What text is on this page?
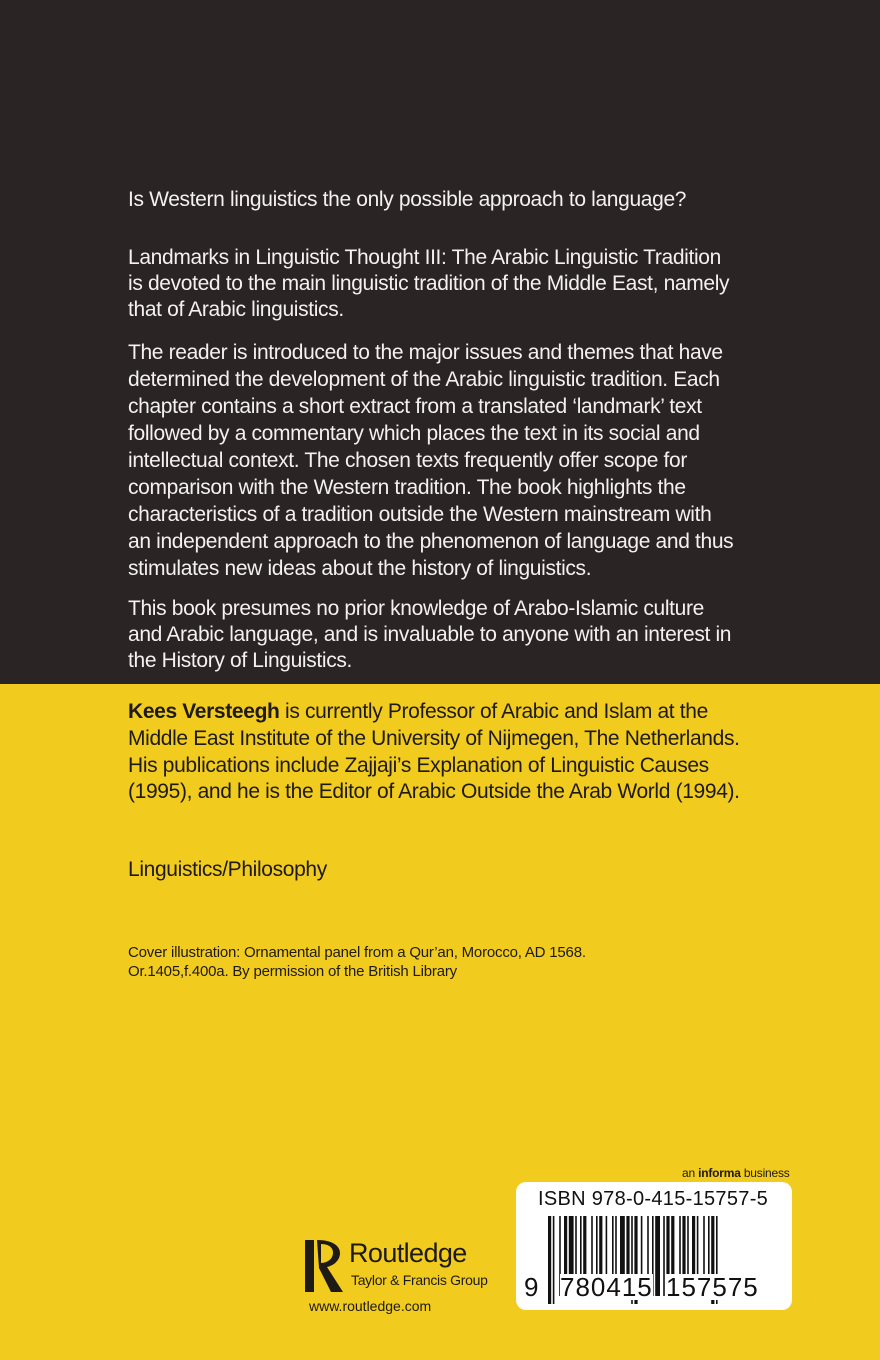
Is Western linguistics the only possible approach to language?
Landmarks in Linguistic Thought III: The Arabic Linguistic Tradition
is devoted to the main linguistic tradition of the Middle East, namely
that of Arabic linguistics.
The reader is introduced to the major issues and themes that have
determined the development of the Arabic linguistic tradition. Each
chapter contains a short extract from a translated ‘landmark’ text
followed by a commentary which places the text in its social and
intellectual context. The chosen texts frequently offer scope for
comparison with the Western tradition. The book highlights the
characteristics of a tradition outside the Western mainstream with
an independent approach to the phenomenon of language and thus
stimulates new ideas about the history of linguistics.
This book presumes no prior knowledge of Arabo-Islamic culture
and Arabic language, and is invaluable to anyone with an interest in
the History of Linguistics.
Kees Versteegh is currently Professor of Arabic and Islam at the
Middle East Institute of the University of Nijmegen, The Netherlands.
His publications include Zajjaji’s Explanation of Linguistic Causes
(1995), and he is the Editor of Arabic Outside the Arab World (1994).
Linguistics/Philosophy
Cover illustration: Ornamental panel from a Qur’an, Morocco, AD 1568.
Or.1405,f.400a. By permission of the British Library
an informa business
ISBN 978-0-415-15757-5
9 780415 157575
Routledge
Taylor & Francis Group
www.routledge.com
